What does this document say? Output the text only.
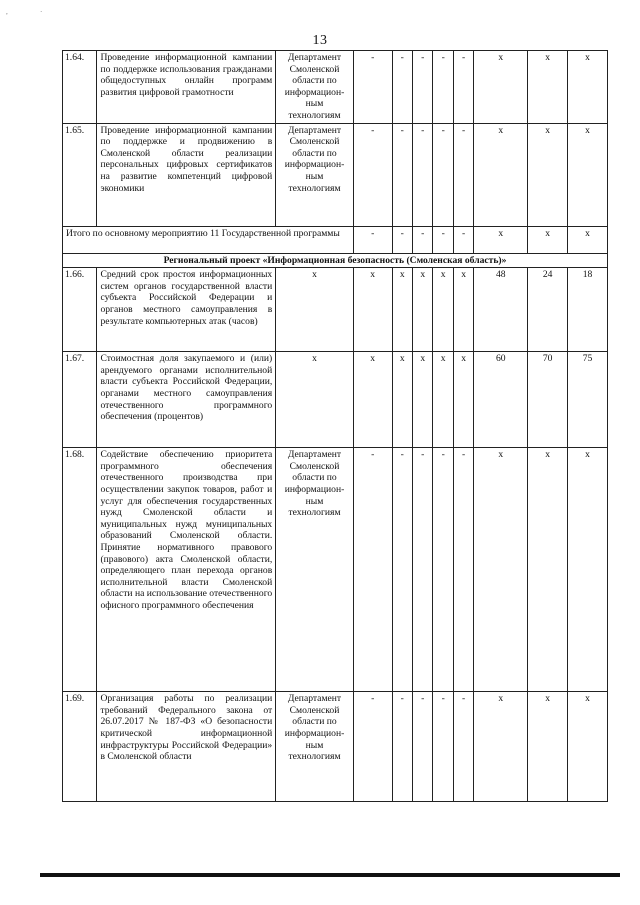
,	·
13
1.64.	Проведение информационной кампании по поддержке использования гражданами общедоступных онлайн программ развития цифровой грамотности	Департамент Смоленской области по информацион-ным технологиям	-	-	-	-	-	x	x	x
1.65.	Проведение информационной кампании по поддержке и продвижению в Смоленской области реализации персональных цифровых сертификатов на развитие компетенций цифровой экономики	Департамент Смоленской области по информацион-ным технологиям	-	-	-	-	-	x	x	x
Итого по основному мероприятию 11 Государственной программы			-	-	-	-	-	x	x	x
Региональный проект «Информационная безопасность (Смоленская область)»										
1.66.	Средний срок простоя информационных систем органов государственной власти субъекта Российской Федерации и органов местного самоуправления в результате компьютерных атак (часов)	x	x	x	x	x	x	48	24	18
1.67.	Стоимостная доля закупаемого и (или) арендуемого органами исполнительной власти субъекта Российской Федерации, органами местного самоуправления отечественного программного обеспечения (процентов)	x	x	x	x	x	x	60	70	75
1.68.	Содействие обеспечению приоритета программного обеспечения отечественного производства при осуществлении закупок товаров, работ и услуг для обеспечения государственных нужд Смоленской области и муниципальных нужд муниципальных образований Смоленской области. Принятие нормативного правового (правового) акта Смоленской области, определяющего план перехода органов исполнительной власти Смоленской области на использование отечественного офисного программного обеспечения	Департамент Смоленской области по информацион-ным технологиям	-	-	-	-	-	x	x	x
1.69.	Организация работы по реализации требований Федерального закона от 26.07.2017 № 187-ФЗ «О безопасности критической информационной инфраструктуры Российской Федерации» в Смоленской области	Департамент Смоленской области по информацион-ным технологиям	-	-	-	-	-	x	x	x
